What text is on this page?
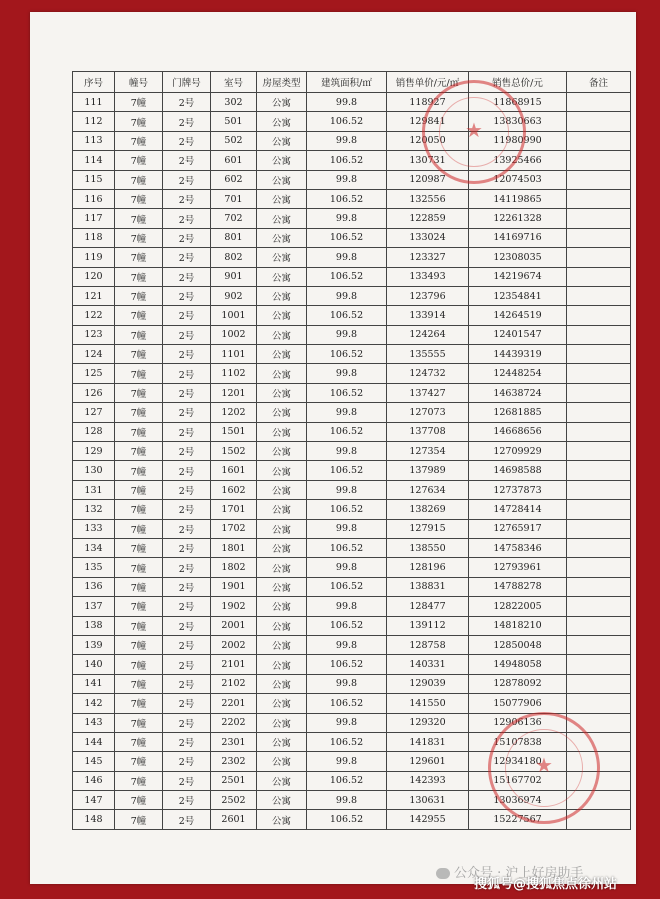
序号	幢号	门牌号	室号	房屋类型	建筑面积/㎡	销售单价/元/㎡	销售总价/元	备注
111	7幢	2号	302	公寓	99.8	118927	11868915	
112	7幢	2号	501	公寓	106.52	129841	13830663	
113	7幢	2号	502	公寓	99.8	120050	11980990	
114	7幢	2号	601	公寓	106.52	130731	13925466	
115	7幢	2号	602	公寓	99.8	120987	12074503	
116	7幢	2号	701	公寓	106.52	132556	14119865	
117	7幢	2号	702	公寓	99.8	122859	12261328	
118	7幢	2号	801	公寓	106.52	133024	14169716	
119	7幢	2号	802	公寓	99.8	123327	12308035	
120	7幢	2号	901	公寓	106.52	133493	14219674	
121	7幢	2号	902	公寓	99.8	123796	12354841	
122	7幢	2号	1001	公寓	106.52	133914	14264519	
123	7幢	2号	1002	公寓	99.8	124264	12401547	
124	7幢	2号	1101	公寓	106.52	135555	14439319	
125	7幢	2号	1102	公寓	99.8	124732	12448254	
126	7幢	2号	1201	公寓	106.52	137427	14638724	
127	7幢	2号	1202	公寓	99.8	127073	12681885	
128	7幢	2号	1501	公寓	106.52	137708	14668656	
129	7幢	2号	1502	公寓	99.8	127354	12709929	
130	7幢	2号	1601	公寓	106.52	137989	14698588	
131	7幢	2号	1602	公寓	99.8	127634	12737873	
132	7幢	2号	1701	公寓	106.52	138269	14728414	
133	7幢	2号	1702	公寓	99.8	127915	12765917	
134	7幢	2号	1801	公寓	106.52	138550	14758346	
135	7幢	2号	1802	公寓	99.8	128196	12793961	
136	7幢	2号	1901	公寓	106.52	138831	14788278	
137	7幢	2号	1902	公寓	99.8	128477	12822005	
138	7幢	2号	2001	公寓	106.52	139112	14818210	
139	7幢	2号	2002	公寓	99.8	128758	12850048	
140	7幢	2号	2101	公寓	106.52	140331	14948058	
141	7幢	2号	2102	公寓	99.8	129039	12878092	
142	7幢	2号	2201	公寓	106.52	141550	15077906	
143	7幢	2号	2202	公寓	99.8	129320	12906136	
144	7幢	2号	2301	公寓	106.52	141831	15107838	
145	7幢	2号	2302	公寓	99.8	129601	12934180	
146	7幢	2号	2501	公寓	106.52	142393	15167702	
147	7幢	2号	2502	公寓	99.8	130631	13036974	
148	7幢	2号	2601	公寓	106.52	142955	15227567	
★
★
公众号 · 沪上好房助手
搜狐号@搜狐焦点徐州站
